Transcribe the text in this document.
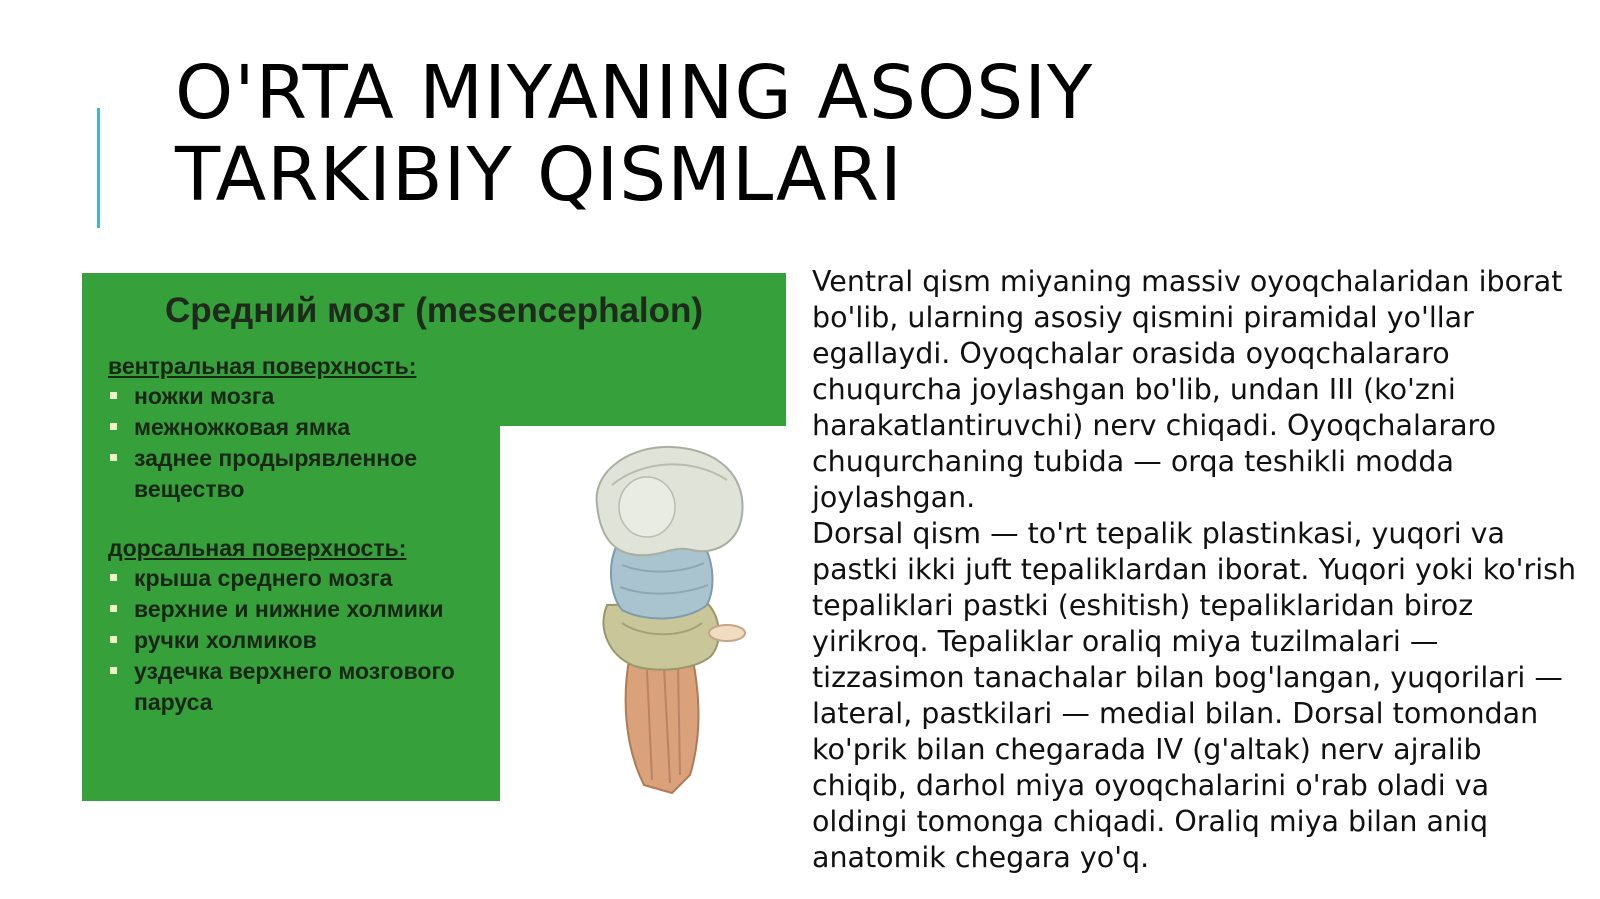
O'RTA MIYANING ASOSIY
TARKIBIY QISMLARI
Средний мозг (mesencephalon)
вентральная поверхность:
ножки мозга
межножковая ямка
заднее продырявленное вещество
дорсальная поверхность:
крыша среднего мозга
верхние и нижние холмики
ручки холмиков
уздечка верхнего мозгового паруса

Ventral qism miyaning massiv oyoqchalaridan iborat bo'lib, ularning asosiy qismini piramidal yo'llar egallaydi. Oyoqchalar orasida oyoqchalararo chuqurcha joylashgan bo'lib, undan III (ko'zni harakatlantiruvchi) nerv chiqadi. Oyoqchalararo chuqurchaning tubida — orqa teshikli modda joylashgan.

Dorsal qism — to'rt tepalik plastinkasi, yuqori va pastki ikki juft tepaliklardan iborat. Yuqori yoki ko'rish tepaliklari pastki (eshitish) tepaliklaridan biroz yirikroq. Tepaliklar oraliq miya tuzilmalari — tizzasimon tanachalar bilan bog'langan, yuqorilari — lateral, pastkilari — medial bilan. Dorsal tomondan ko'prik bilan chegarada IV (g'altak) nerv ajralib chiqib, darhol miya oyoqchalarini o'rab oladi va oldingi tomonga chiqadi. Oraliq miya bilan aniq anatomik chegara yo'q.
